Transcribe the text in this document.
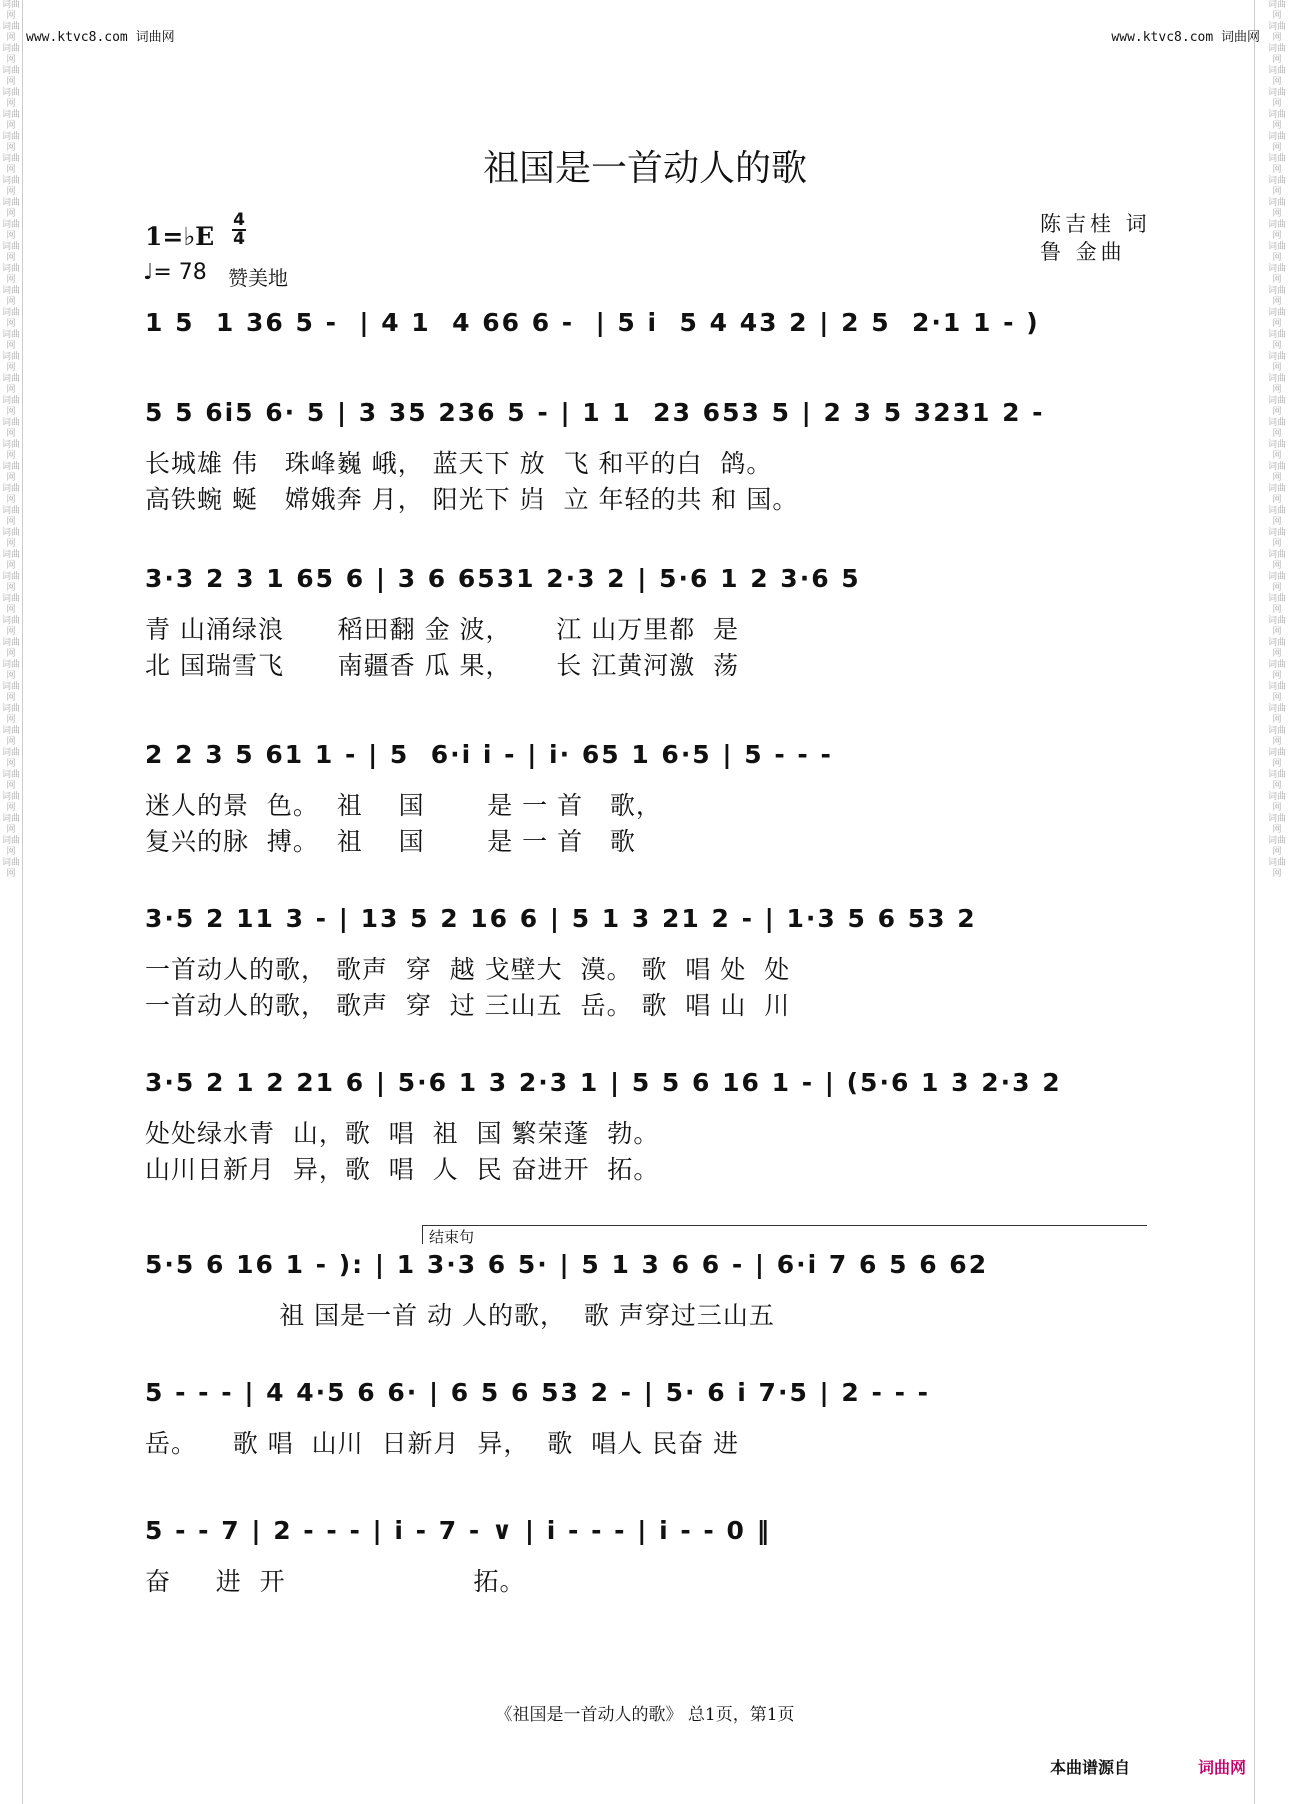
词曲网 词曲网 词曲网 词曲网 词曲网 词曲网 词曲网 词曲网 词曲网 词曲网 词曲网 词曲网 词曲网 词曲网 词曲网 词曲网 词曲网 词曲网 词曲网 词曲网 词曲网 词曲网 词曲网 词曲网 词曲网 词曲网 词曲网 词曲网 词曲网 词曲网 词曲网 词曲网 词曲网 词曲网 词曲网 词曲网 词曲网 词曲网 词曲网 词曲网
词曲网 词曲网 词曲网 词曲网 词曲网 词曲网 词曲网 词曲网 词曲网 词曲网 词曲网 词曲网 词曲网 词曲网 词曲网 词曲网 词曲网 词曲网 词曲网 词曲网 词曲网 词曲网 词曲网 词曲网 词曲网 词曲网 词曲网 词曲网 词曲网 词曲网 词曲网 词曲网 词曲网 词曲网 词曲网 词曲网 词曲网 词曲网 词曲网 词曲网
www.ktvc8.com 词曲网	www.ktvc8.com 词曲网
祖国是一首动人的歌
陈吉桂 词
鲁 金曲
1=♭E
4
4
♩= 78 赞美地
1 5  1 36 5 -  | 4 1  4 66 6 -  | 5 i  5 4 43 2 | 2 5  2·1 1 - )
5 5 6i5 6· 5 | 3 35 236 5 - | 1 1  23 653 5 | 2 3 5 3231 2 -
长城雄 伟   珠峰巍 峨， 蓝天下 放  飞 和平的白  鸽。
高铁蜿 蜒   嫦娥奔 月， 阳光下 岿  立 年轻的共 和 国。
3·3 2 3 1 65 6 | 3 6 6531 2·3 2 | 5·6 1 2 3·6 5
青 山涌绿浪      稻田翻 金 波，     江 山万里都  是
北 国瑞雪飞      南疆香 瓜 果，     长 江黄河激  荡
2 2 3 5 61 1 - | 5  6·i i - | i· 65 1 6·5 | 5 - - -
迷人的景  色。  祖    国       是 一 首   歌，
复兴的脉  搏。  祖    国       是 一 首   歌
3·5 2 11 3 - | 13 5 2 16 6 | 5 1 3 21 2 - | 1·3 5 6 53 2
一首动人的歌， 歌声  穿  越 戈壁大  漠。 歌  唱 处  处
一首动人的歌， 歌声  穿  过 三山五  岳。 歌  唱 山  川
3·5 2 1 2 21 6 | 5·6 1 3 2·3 1 | 5 5 6 16 1 - | (5·6 1 3 2·3 2
处处绿水青  山，歌  唱  祖  国 繁荣蓬  勃。
山川日新月  异，歌  唱  人  民 奋进开  拓。
结束句
5·5 6 16 1 - ): | 1 3·3 6 5· | 5 1 3 6 6 - | 6·i 7 6 5 6 62
祖 国是一首 动 人的歌，  歌 声穿过三山五
5 - - - | 4 4·5 6 6· | 6 5 6 53 2 - | 5· 6 i 7·5 | 2 - - -
岳。    歌 唱  山川  日新月  异，  歌  唱人 民奋 进
5 - - 7 | 2 - - - | i - 7 - ∨ | i - - - | i - - 0 ‖
奋     进  开                     拓。
《祖国是一首动人的歌》 总1页，第1页
本曲谱源自	词曲网
